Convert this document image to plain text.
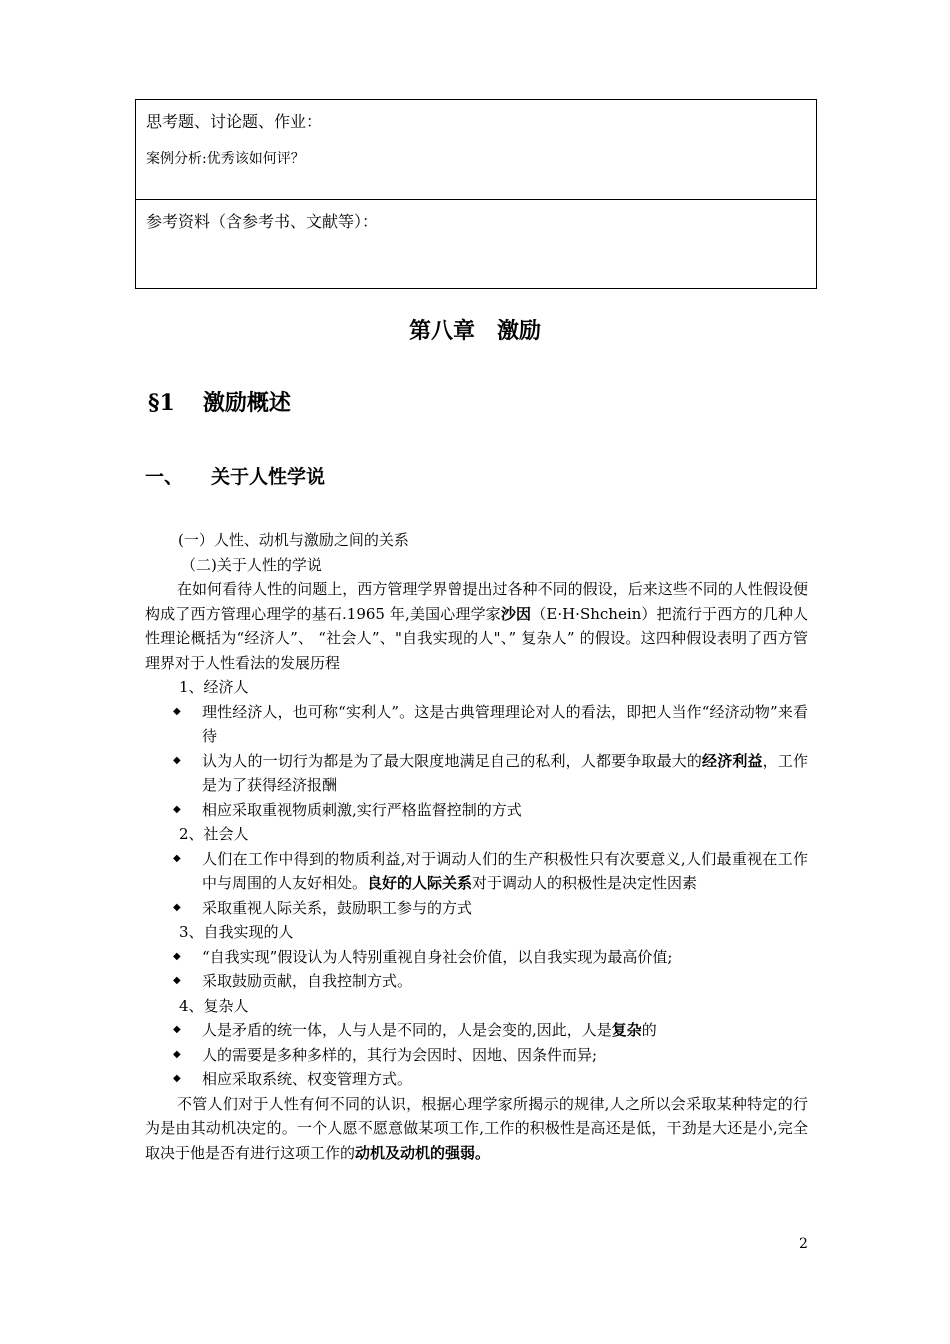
思考题、讨论题、作业：
案例分析:优秀该如何评？
参考资料（含参考书、文献等）：
第八章　激励
§1 激励概述
一、 关于人性学说

(一）人性、动机与激励之间的关系

（二)关于人性的学说

在如何看待人性的问题上，西方管理学界曾提出过各种不同的假设，后来这些不同的人性假设便构成了西方管理心理学的基石.1965 年,美国心理学家沙因（E·H·Shchein）把流行于西方的几种人性理论概括为“经济人”、 “社会人”、"自我实现的人"、” 复杂人” 的假设。这四种假设表明了西方管理界对于人性看法的发展历程

1、经济人

◆ 理性经济人，也可称“实利人”。这是古典管理理论对人的看法，即把人当作“经济动物”来看待

◆ 认为人的一切行为都是为了最大限度地满足自己的私利，人都要争取最大的经济利益，工作是为了获得经济报酬

◆ 相应采取重视物质刺激,实行严格监督控制的方式

2、社会人

◆ 人们在工作中得到的物质利益,对于调动人们的生产积极性只有次要意义,人们最重视在工作中与周围的人友好相处。良好的人际关系对于调动人的积极性是决定性因素

◆ 采取重视人际关系，鼓励职工参与的方式

3、自我实现的人

◆ “自我实现”假设认为人特别重视自身社会价值，以自我实现为最高价值;

◆ 采取鼓励贡献，自我控制方式。

4、复杂人

◆ 人是矛盾的统一体，人与人是不同的，人是会变的,因此，人是复杂的

◆ 人的需要是多种多样的，其行为会因时、因地、因条件而异;

◆ 相应采取系统、权变管理方式。

不管人们对于人性有何不同的认识，根据心理学家所揭示的规律,人之所以会采取某种特定的行为是由其动机决定的。一个人愿不愿意做某项工作,工作的积极性是高还是低，干劲是大还是小,完全取决于他是否有进行这项工作的动机及动机的强弱。

2
